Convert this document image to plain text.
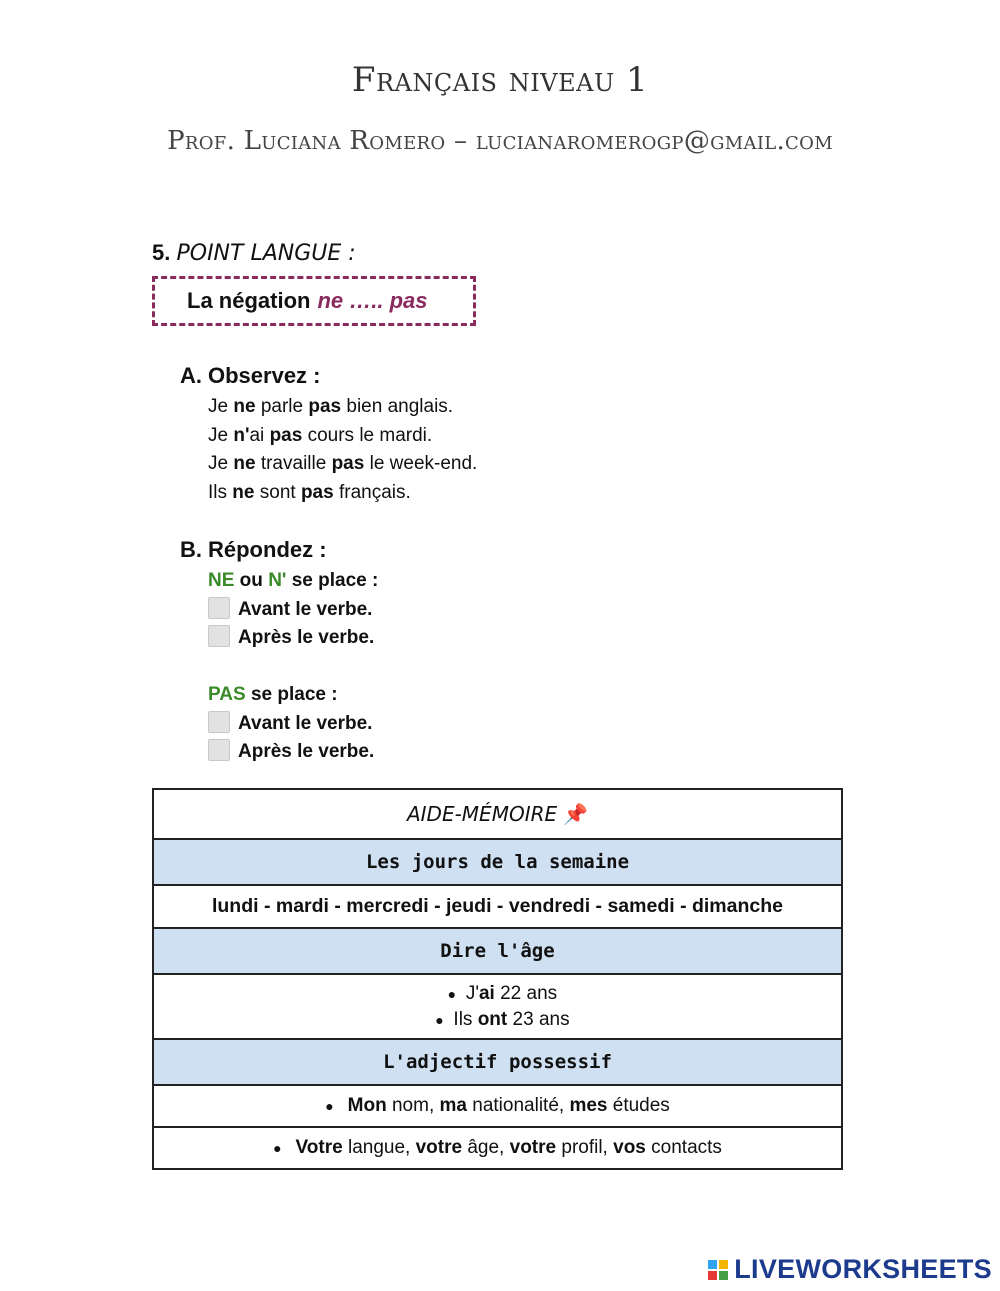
Français niveau 1
Prof. Luciana Romero – lucianaromerogp@gmail.com
5. POINT LANGUE :
La négation ne ….. pas
A. Observez :
Je ne parle pas bien anglais.
Je n'ai pas cours le mardi.
Je ne travaille pas le week-end.
Ils ne sont pas français.
B. Répondez :
NE ou N' se place :
Avant le verbe.
Après le verbe.
PAS se place :
Avant le verbe.
Après le verbe.
AIDE-MÉMOIRE 📌
Les jours de la semaine
lundi - mardi - mercredi - jeudi - vendredi - samedi - dimanche
Dire l'âge

● J'ai 22 ans
● Ils ont 23 ans

L'adjectif possessif
● Mon nom, ma nationalité, mes études
● Votre langue, votre âge, votre profil, vos contacts
LIVEWORKSHEETS
